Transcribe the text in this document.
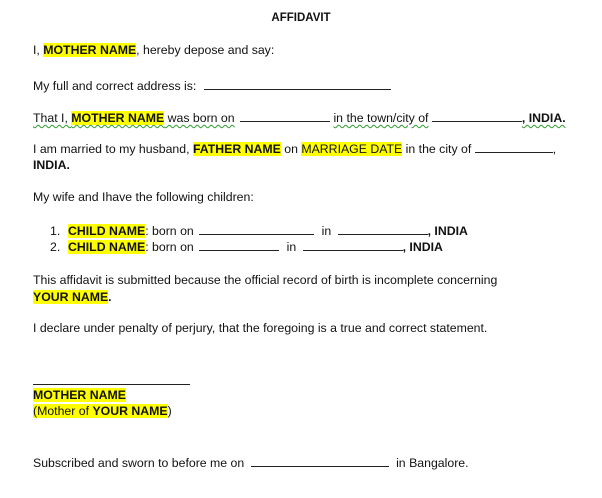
AFFIDAVIT
I, MOTHER NAME, hereby depose and say:
My full and correct address is:
That I, MOTHER NAME was born on	in the town/city of	, INDIA.
I am married to my husband, FATHER NAME on MARRIAGE DATE in the city of	,
INDIA.
My wife and Ihave the following children:
1. CHILD NAME: born on	in	, INDIA
2. CHILD NAME: born on	in	, INDIA
This affidavit is submitted because the official record of birth is incomplete concerning
YOUR NAME.
I declare under penalty of perjury, that the foregoing is a true and correct statement.
MOTHER NAME
(Mother of YOUR NAME)
Subscribed and sworn to before me on	in Bangalore.
